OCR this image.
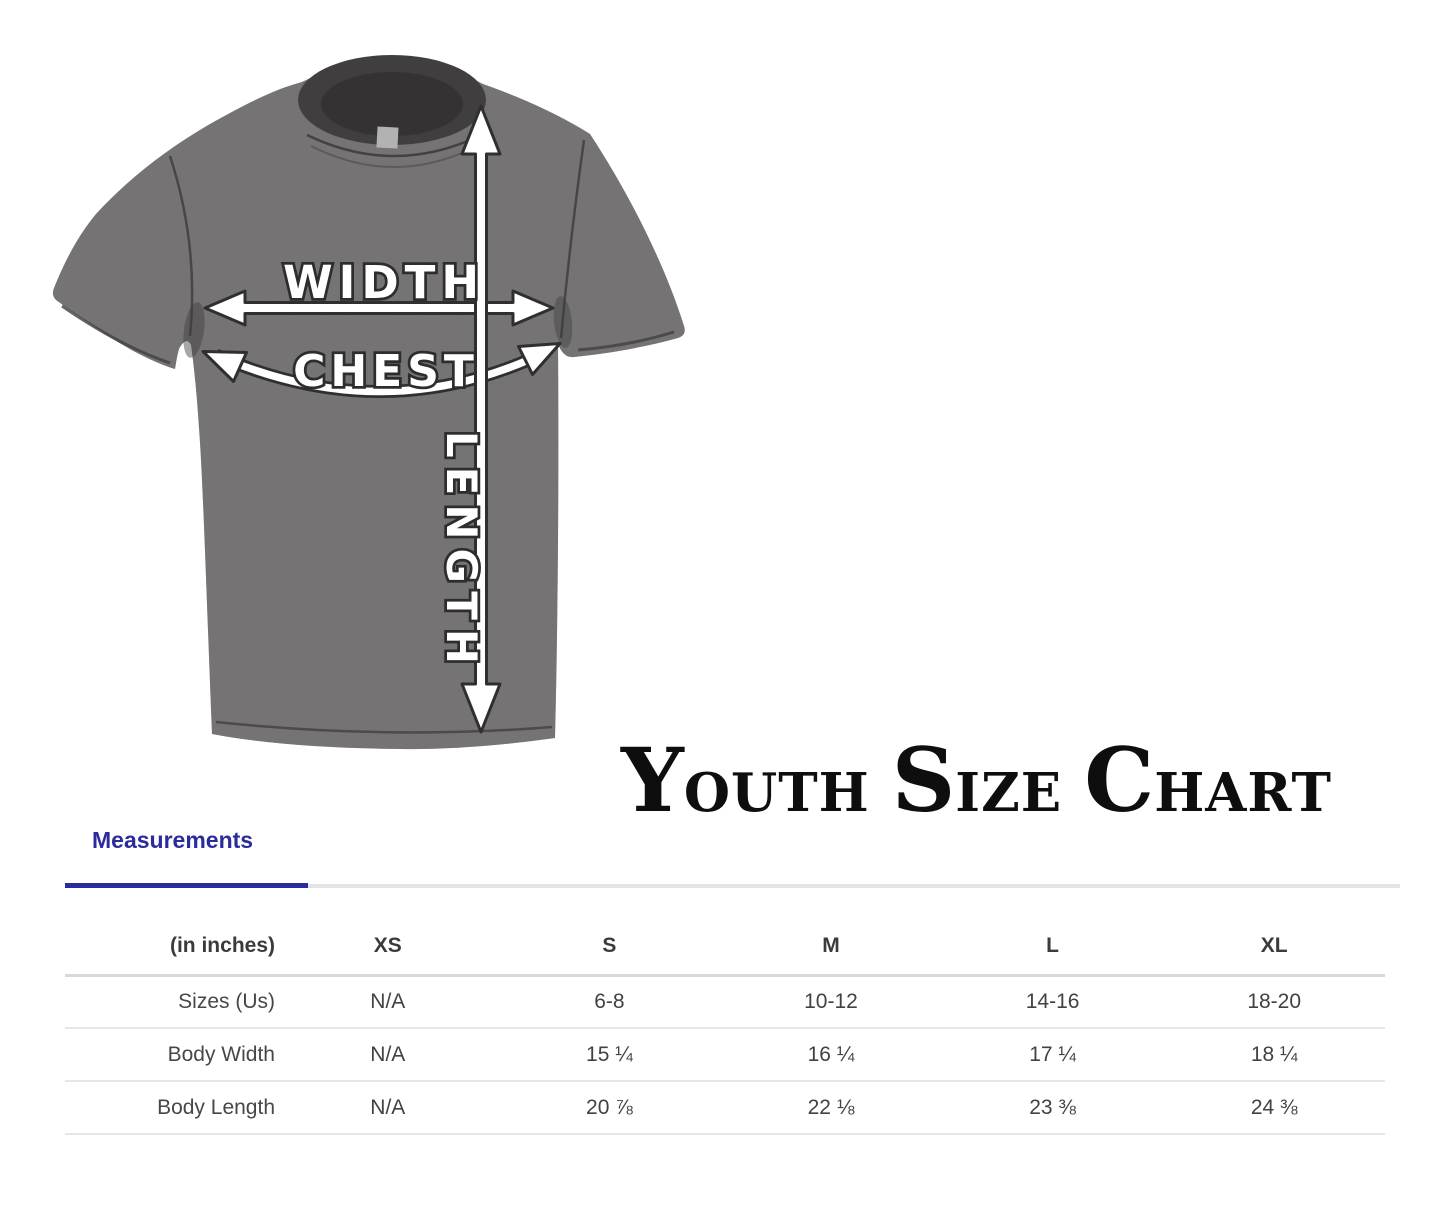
WIDTH
CHEST
LENGTH
YOUTH SIZE CHART
Measurements
(in inches)	XS	S	M	L	XL
Sizes (Us)	N/A	6-8	10-12	14-16	18-20
Body Width	N/A	15 ¼	16 ¼	17 ¼	18 ¼
Body Length	N/A	20 ⅞	22 ⅛	23 ⅜	24 ⅜
